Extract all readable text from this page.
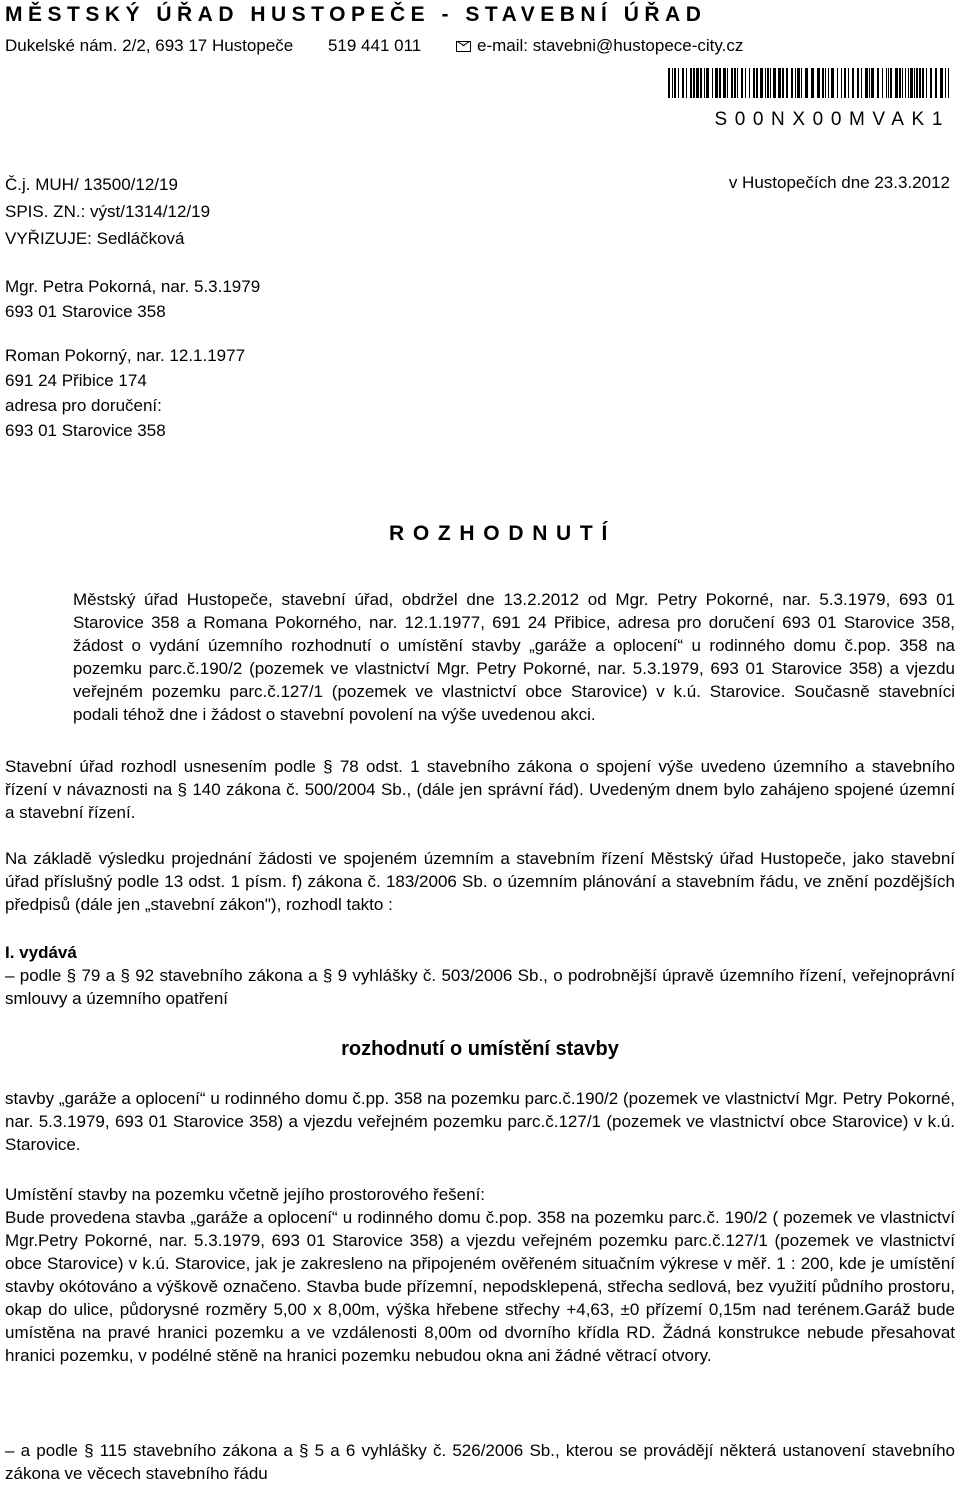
MĚSTSKÝ ÚŘAD HUSTOPEČE - STAVEBNÍ ÚŘAD
Dukelské nám. 2/2, 693 17 Hustopeče 519 441 011	e-mail: stavebni@hustopece-city.cz
S00NX00MVAK1
Č.j. MUH/ 13500/12/19
SPIS. ZN.: výst/1314/12/19
VYŘIZUJE: Sedláčková
v Hustopečích dne 23.3.2012
Mgr. Petra Pokorná, nar. 5.3.1979
693 01 Starovice 358
Roman Pokorný, nar. 12.1.1977
691 24 Přibice 174
adresa pro doručení:
693 01 Starovice 358
ROZHODNUTÍ
Městský úřad Hustopeče, stavební úřad, obdržel dne 13.2.2012 od Mgr. Petry Pokorné, nar. 5.3.1979, 693 01 Starovice 358 a Romana Pokorného, nar. 12.1.1977, 691 24 Přibice, adresa pro doručení 693 01 Starovice 358, žádost o vydání územního rozhodnutí o umístění stavby „garáže a oplocení“ u rodinného domu č.pop. 358 na pozemku parc.č.190/2 (pozemek ve vlastnictví Mgr. Petry Pokorné, nar. 5.3.1979, 693 01 Starovice 358) a vjezdu veřejném pozemku parc.č.127/1 (pozemek ve vlastnictví obce Starovice) v k.ú. Starovice. Současně stavebníci podali téhož dne i žádost o stavební povolení na výše uvedenou akci.
Stavební úřad rozhodl usnesením podle § 78 odst. 1 stavebního zákona o spojení výše uvedeno územního a stavebního řízení v návaznosti na § 140 zákona č. 500/2004 Sb., (dále jen správní řád). Uvedeným dnem bylo zahájeno spojené územní a stavební řízení.
Na základě výsledku projednání žádosti ve spojeném územním a stavebním řízení Městský úřad Hustopeče, jako stavební úřad příslušný podle 13 odst. 1 písm. f) zákona č. 183/2006 Sb. o územním plánování a stavebním řádu, ve znění pozdějších předpisů (dále jen „stavební zákon"), rozhodl takto :
I. vydává
– podle § 79 a § 92 stavebního zákona a § 9 vyhlášky č. 503/2006 Sb., o podrobnější úpravě územního řízení, veřejnoprávní smlouvy a územního opatření
rozhodnutí o umístění stavby
stavby „garáže a oplocení“ u rodinného domu č.pp. 358 na pozemku parc.č.190/2 (pozemek ve vlastnictví Mgr. Petry Pokorné, nar. 5.3.1979, 693 01 Starovice 358) a vjezdu veřejném pozemku parc.č.127/1 (pozemek ve vlastnictví obce Starovice) v k.ú. Starovice.
Umístění stavby na pozemku včetně jejího prostorového řešení:
Bude provedena stavba „garáže a oplocení“ u rodinného domu č.pop. 358 na pozemku parc.č. 190/2 ( pozemek ve vlastnictví Mgr.Petry Pokorné, nar. 5.3.1979, 693 01 Starovice 358) a vjezdu veřejném pozemku parc.č.127/1 (pozemek ve vlastnictví obce Starovice) v k.ú. Starovice, jak je zakresleno na připojeném ověřeném situačním výkrese v měř. 1 : 200, kde je umístění stavby okótováno a výškově označeno. Stavba bude přízemní, nepodsklepená, střecha sedlová, bez využití půdního prostoru, okap do ulice, půdorysné rozměry 5,00 x 8,00m, výška hřebene střechy +4,63, ±0 přízemí 0,15m nad terénem.Garáž bude umístěna na pravé hranici pozemku a ve vzdálenosti 8,00m od dvorního křídla RD. Žádná konstrukce nebude přesahovat hranici pozemku, v podélné stěně na hranici pozemku nebudou okna ani žádné větrací otvory.
– a podle § 115 stavebního zákona a § 5 a 6 vyhlášky č. 526/2006 Sb., kterou se provádějí některá ustanovení stavebního zákona ve věcech stavebního řádu
